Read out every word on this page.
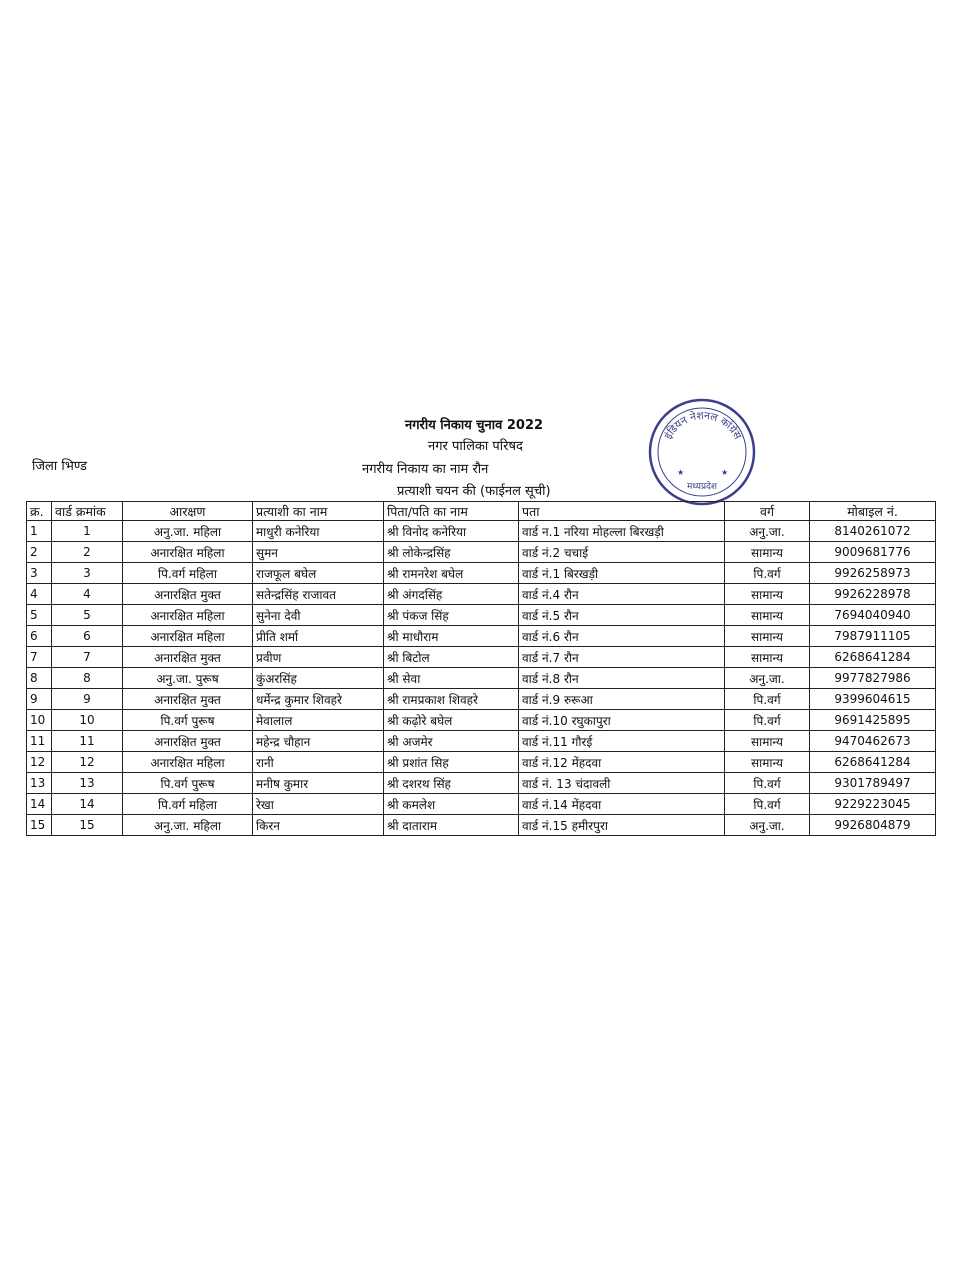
नगरीय निकाय चुनाव 2022
नगर पालिका परिषद
जिला भिण्ड	नगरीय निकाय का नाम रौन
प्रत्याशी चयन की (फाईनल सूची)
इंडियन नेशनल कांग्रेस
मध्यप्रदेश
★	★
क्र.	वार्ड क्रमांक	आरक्षण	प्रत्याशी का नाम	पिता/पति का नाम	पता	वर्ग	मोबाइल नं.
1	1	अनु.जा. महिला	माधुरी कनेरिया	श्री विनोद कनेरिया	वार्ड न.1 नरिया मोहल्ला बिरखड़ी	अनु.जा.	8140261072
2	2	अनारक्षित महिला	सुमन	श्री लोकेन्द्रसिंह	वार्ड नं.2 चचाई	सामान्य	9009681776
3	3	पि.वर्ग महिला	राजफूल बघेल	श्री रामनरेश बघेल	वार्ड नं.1 बिरखड़ी	पि.वर्ग	9926258973
4	4	अनारक्षित मुक्त	सतेन्द्रसिंह राजावत	श्री अंगदसिंह	वार्ड नं.4 रौन	सामान्य	9926228978
5	5	अनारक्षित महिला	सुनेना देवी	श्री पंकज सिंह	वार्ड नं.5 रौन	सामान्य	7694040940
6	6	अनारक्षित महिला	प्रीति शर्मा	श्री माधौराम	वार्ड नं.6 रौन	सामान्य	7987911105
7	7	अनारक्षित मुक्त	प्रवीण	श्री बिटोल	वार्ड नं.7 रौन	सामान्य	6268641284
8	8	अनु.जा. पुरूष	कुंअरसिंह	श्री सेवा	वार्ड नं.8 रौन	अनु.जा.	9977827986
9	9	अनारक्षित मुक्त	धर्मेन्द्र कुमार शिवहरे	श्री रामप्रकाश शिवहरे	वार्ड नं.9 रुरूआ	पि.वर्ग	9399604615
10	10	पि.वर्ग पुरूष	मेवालाल	श्री कढ़ोरे बघेल	वार्ड नं.10 रघुकापुरा	पि.वर्ग	9691425895
11	11	अनारक्षित मुक्त	महेन्द्र चौहान	श्री अजमेर	वार्ड नं.11 गौरई	सामान्य	9470462673
12	12	अनारक्षित महिला	रानी	श्री प्रशांत सिह	वार्ड नं.12 मेंहदवा	सामान्य	6268641284
13	13	पि.वर्ग पुरूष	मनीष कुमार	श्री दशरथ सिंह	वार्ड नं. 13 चंदावली	पि.वर्ग	9301789497
14	14	पि.वर्ग महिला	रेखा	श्री कमलेश	वार्ड नं.14 मेंहदवा	पि.वर्ग	9229223045
15	15	अनु.जा. महिला	किरन	श्री दाताराम	वार्ड नं.15 हमीरपुरा	अनु.जा.	9926804879
